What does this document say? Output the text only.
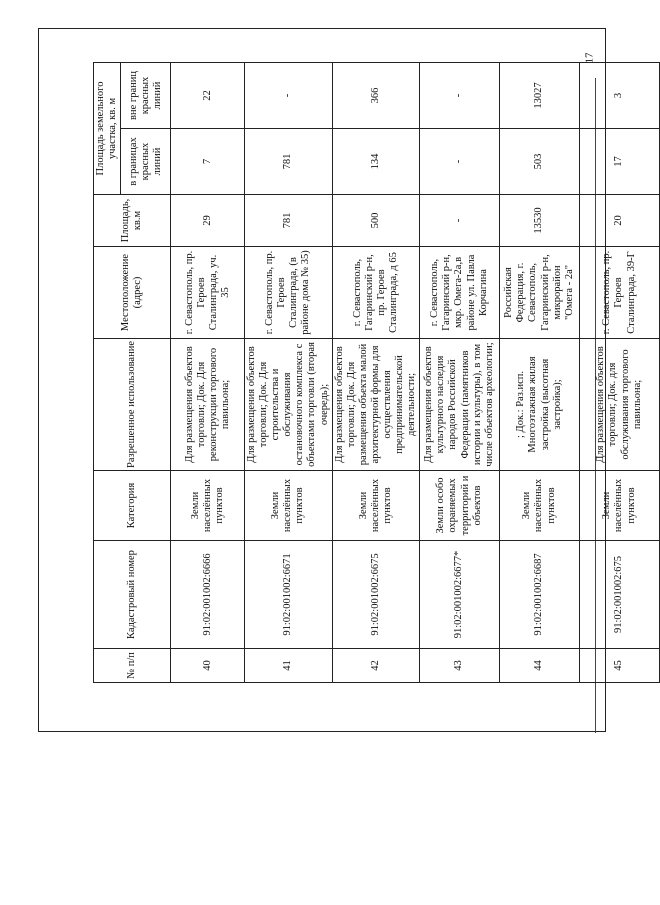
17
№ п/п	Кадастровый номер	Категория	Разрешенное использование	Местоположение (адрес)	Площадь, кв.м	Площадь земельного участка, кв. м	
						в границах красных линий	вне границ красных линий
40	91:02:001002:6666	Земли населённых пунктов	Для размещения объектов торговли; Док. Для реконструкции торгового павильона;	г. Севастополь, пр. Героев Сталинграда, уч. 35	29	7	22
41	91:02:001002:6671	Земли населённых пунктов	Для размещения объектов торговли; Док. Для строительства и обслуживания остановочного комплекса с объектами торговли (вторая очередь);	г. Севастополь, пр. Героев Сталинграда, (в районе дома № 35)	781	781	-
42	91:02:001002:6675	Земли населённых пунктов	Для размещения объектов торговли; Док. Для размещения объекта малой архитектурной формы для осуществления предпринимательской деятельности;	г. Севастополь, Гагаринский р-н, пр. Героев Сталинграда, д 65	500	134	366
43	91:02:001002:6677*	Земли особо охраняемых территорий и объектов	Для размещения объектов культурного наследия народов Российской Федерации (памятников истории и культуры), в том числе объектов археологии;	г. Севастополь, Гагаринский р-н, мкр. Омега-2а,в районе ул. Павла Корчагина	-	-	-
44	91:02:001002:6687	Земли населённых пунктов	; Док.: Раз.исп. Многоэтажная жилая застройка (высотная застройка);	Российская Федерация, г. Севастополь, Гагаринский р-н, микрорайон "Омега - 2а"	13530	503	13027
45	91:02:001002:675	Земли населённых пунктов	Для размещения объектов торговли; Док. для обслуживания торгового павильона;	г. Севастополь, пр. Героев Сталинграда, 39-Г	20	17	3
